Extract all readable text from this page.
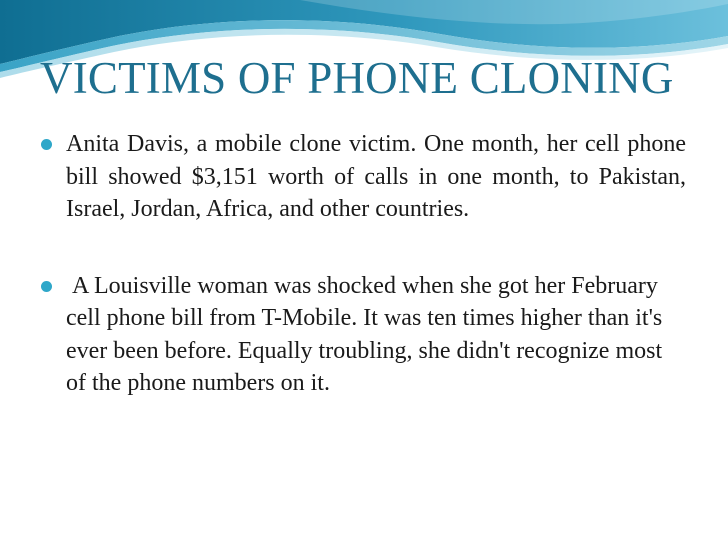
VICTIMS OF PHONE CLONING
Anita Davis, a mobile clone victim. One month, her cell phone bill showed $3,151 worth of calls in one month, to Pakistan, Israel, Jordan, Africa, and other countries.
A Louisville woman was shocked when she got her February cell phone bill from T-Mobile. It was ten times higher than it's ever been before. Equally troubling, she didn't recognize most of the phone numbers on it.
